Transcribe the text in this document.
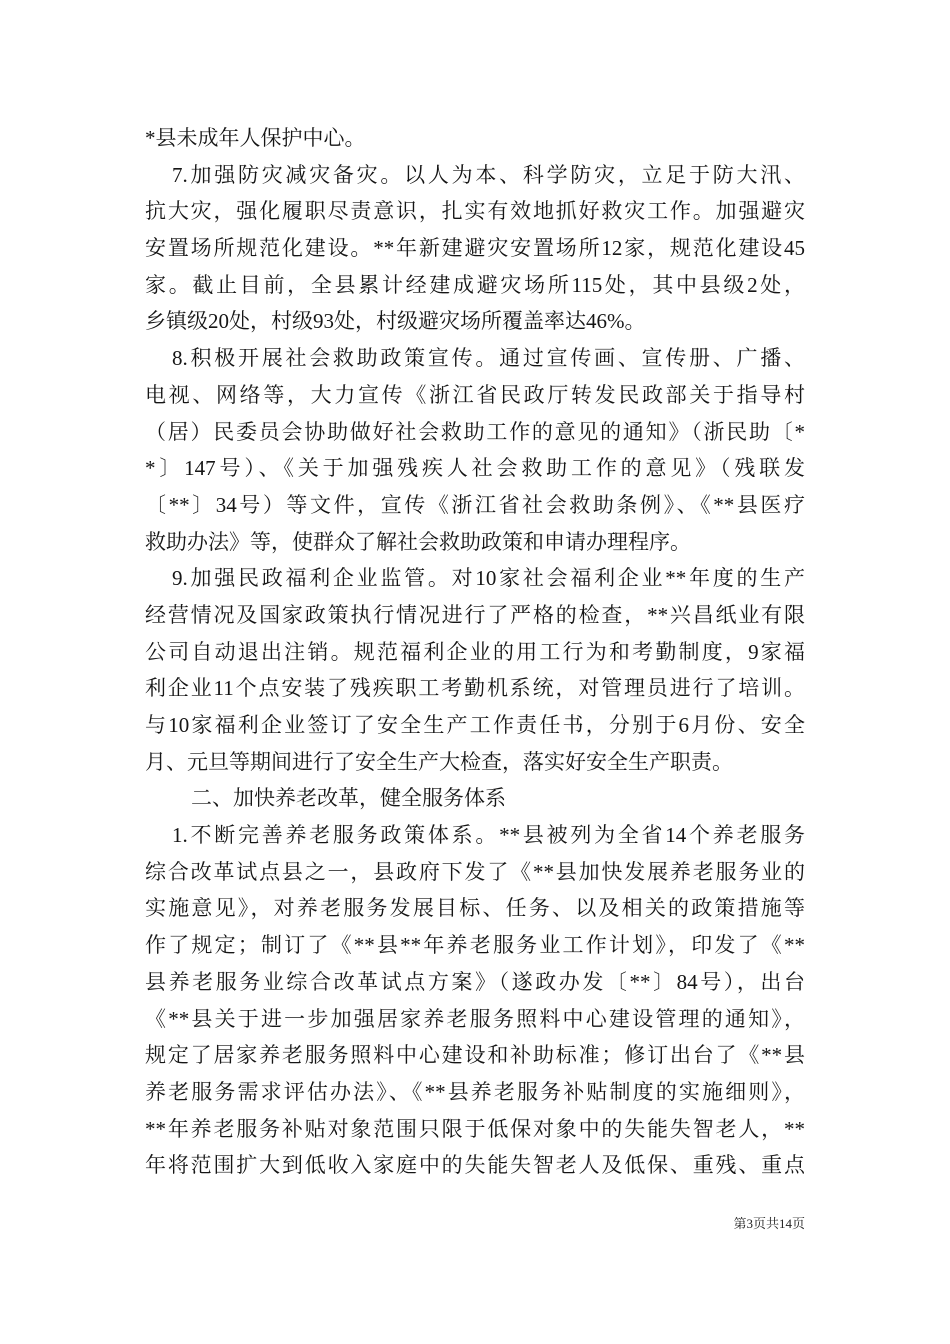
*县未成年人保护中心。
7.加强防灾减灾备灾。以人为本、科学防灾，立足于防大汛、
抗大灾，强化履职尽责意识，扎实有效地抓好救灾工作。加强避灾
安置场所规范化建设。**年新建避灾安置场所12家，规范化建设45
家。截止目前，全县累计经建成避灾场所115处，其中县级2处，
乡镇级20处，村级93处，村级避灾场所覆盖率达46%。
8.积极开展社会救助政策宣传。通过宣传画、宣传册、广播、
电视、网络等，大力宣传《浙江省民政厅转发民政部关于指导村
（居）民委员会协助做好社会救助工作的意见的通知》（浙民助〔*
*〕147号）、《关于加强残疾人社会救助工作的意见》（残联发
〔**〕34号）等文件，宣传《浙江省社会救助条例》、《**县医疗
救助办法》等，使群众了解社会救助政策和申请办理程序。
9.加强民政福利企业监管。对10家社会福利企业**年度的生产
经营情况及国家政策执行情况进行了严格的检查，**兴昌纸业有限
公司自动退出注销。规范福利企业的用工行为和考勤制度，9家福
利企业11个点安装了残疾职工考勤机系统，对管理员进行了培训。
与10家福利企业签订了安全生产工作责任书，分别于6月份、安全
月、元旦等期间进行了安全生产大检查，落实好安全生产职责。
二、加快养老改革，健全服务体系
1.不断完善养老服务政策体系。**县被列为全省14个养老服务
综合改革试点县之一，县政府下发了《**县加快发展养老服务业的
实施意见》，对养老服务发展目标、任务、以及相关的政策措施等
作了规定；制订了《**县**年养老服务业工作计划》，印发了《**
县养老服务业综合改革试点方案》（遂政办发〔**〕84号），出台
《**县关于进一步加强居家养老服务照料中心建设管理的通知》，
规定了居家养老服务照料中心建设和补助标准；修订出台了《**县
养老服务需求评估办法》、《**县养老服务补贴制度的实施细则》，
**年养老服务补贴对象范围只限于低保对象中的失能失智老人，**
年将范围扩大到低收入家庭中的失能失智老人及低保、重残、重点
第3页共14页
